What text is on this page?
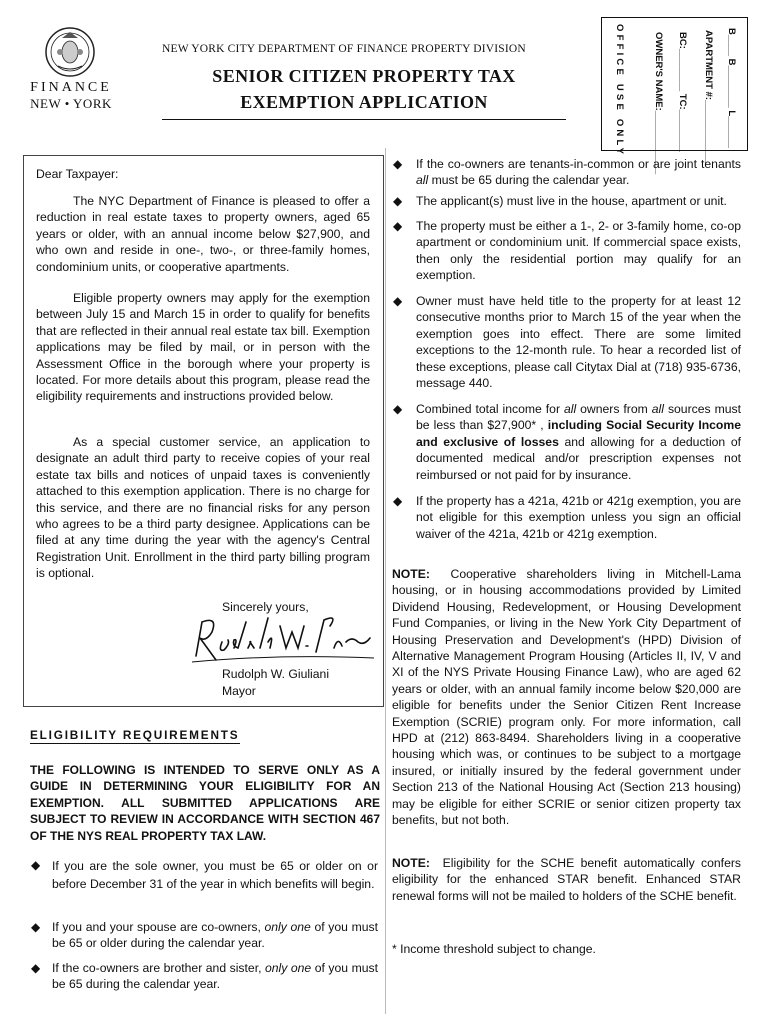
FINANCE
NEW • YORK
NEW YORK CITY DEPARTMENT OF FINANCE PROPERTY DIVISION
SENIOR CITIZEN PROPERTY TAX
EXEMPTION APPLICATION	OFFICE USE ONLY	OWNER'S NAME:____________ BC:________ TC:________ APARTMENT #:____________ B____ B________ L______
Dear Taxpayer:
The NYC Department of Finance is pleased to offer a reduction in real estate taxes to property owners, aged 65 years or older, with an annual income below $27,900, and who own and reside in one-, two-, or three-family homes, condominium units, or cooperative apartments.
Eligible property owners may apply for the exemption between July 15 and March 15 in order to qualify for benefits that are reflected in their annual real estate tax bill. Exemption applications may be filed by mail, or in person with the Assessment Office in the borough where your property is located. For more details about this program, please read the eligibility requirements and instructions provided below.
As a special customer service, an application to designate an adult third party to receive copies of your real estate tax bills and notices of unpaid taxes is conveniently attached to this exemption application. There is no charge for this service, and there are no financial risks for any person who agrees to be a third party designee. Applications can be filed at any time during the year with the agency's Central Registration Unit. Enrollment in the third party billing program is optional.
Sincerely yours,
Rudolph W. Giuliani
Mayor
ELIGIBILITY REQUIREMENTS
THE FOLLOWING IS INTENDED TO SERVE ONLY AS A GUIDE IN DETERMINING YOUR ELIGIBILITY FOR AN EXEMPTION. ALL SUBMITTED APPLICATIONS ARE SUBJECT TO REVIEW IN ACCORDANCE WITH SECTION 467 OF THE NYS REAL PROPERTY TAX LAW.
◆ If you are the sole owner, you must be 65 or older on or before December 31 of the year in which benefits will begin.
◆ If you and your spouse are co-owners, only one of you must be 65 or older during the calendar year.
◆ If the co-owners are brother and sister, only one of you must be 65 during the calendar year.
◆ If the co-owners are tenants-in-common or are joint tenants all must be 65 during the calendar year.
◆ The applicant(s) must live in the house, apartment or unit.
◆ The property must be either a 1-, 2- or 3-family home, co-op apartment or condominium unit. If commercial space exists, then only the residential portion may qualify for an exemption.
◆ Owner must have held title to the property for at least 12 consecutive months prior to March 15 of the year when the exemption goes into effect. There are some limited exceptions to the 12-month rule. To hear a recorded list of these exceptions, please call Citytax Dial at (718) 935-6736, message 440.
◆ Combined total income for all owners from all sources must be less than $27,900* , including Social Security Income and exclusive of losses and allowing for a deduction of documented medical and/or prescription expenses not reimbursed or not paid for by insurance.
◆ If the property has a 421a, 421b or 421g exemption, you are not eligible for this exemption unless you sign an official waiver of the 421a, 421b or 421g exemption.
NOTE: Cooperative shareholders living in Mitchell-Lama housing, or in housing accommodations provided by Limited Dividend Housing, Redevelopment, or Housing Development Fund Companies, or living in the New York City Department of Housing Preservation and Development's (HPD) Division of Alternative Management Program Housing (Articles II, IV, V and XI of the NYS Private Housing Finance Law), who are aged 62 years or older, with an annual family income below $20,000 are eligible for benefits under the Senior Citizen Rent Increase Exemption (SCRIE) program only. For more information, call HPD at (212) 863-8494. Shareholders living in a cooperative housing which was, or continues to be subject to a mortgage insured, or initially insured by the federal government under Section 213 of the National Housing Act (Section 213 housing) may be eligible for either SCRIE or senior citizen property tax benefits, but not both.
NOTE: Eligibility for the SCHE benefit automatically confers eligibility for the enhanced STAR benefit. Enhanced STAR renewal forms will not be mailed to holders of the SCHE benefit.
* Income threshold subject to change.
